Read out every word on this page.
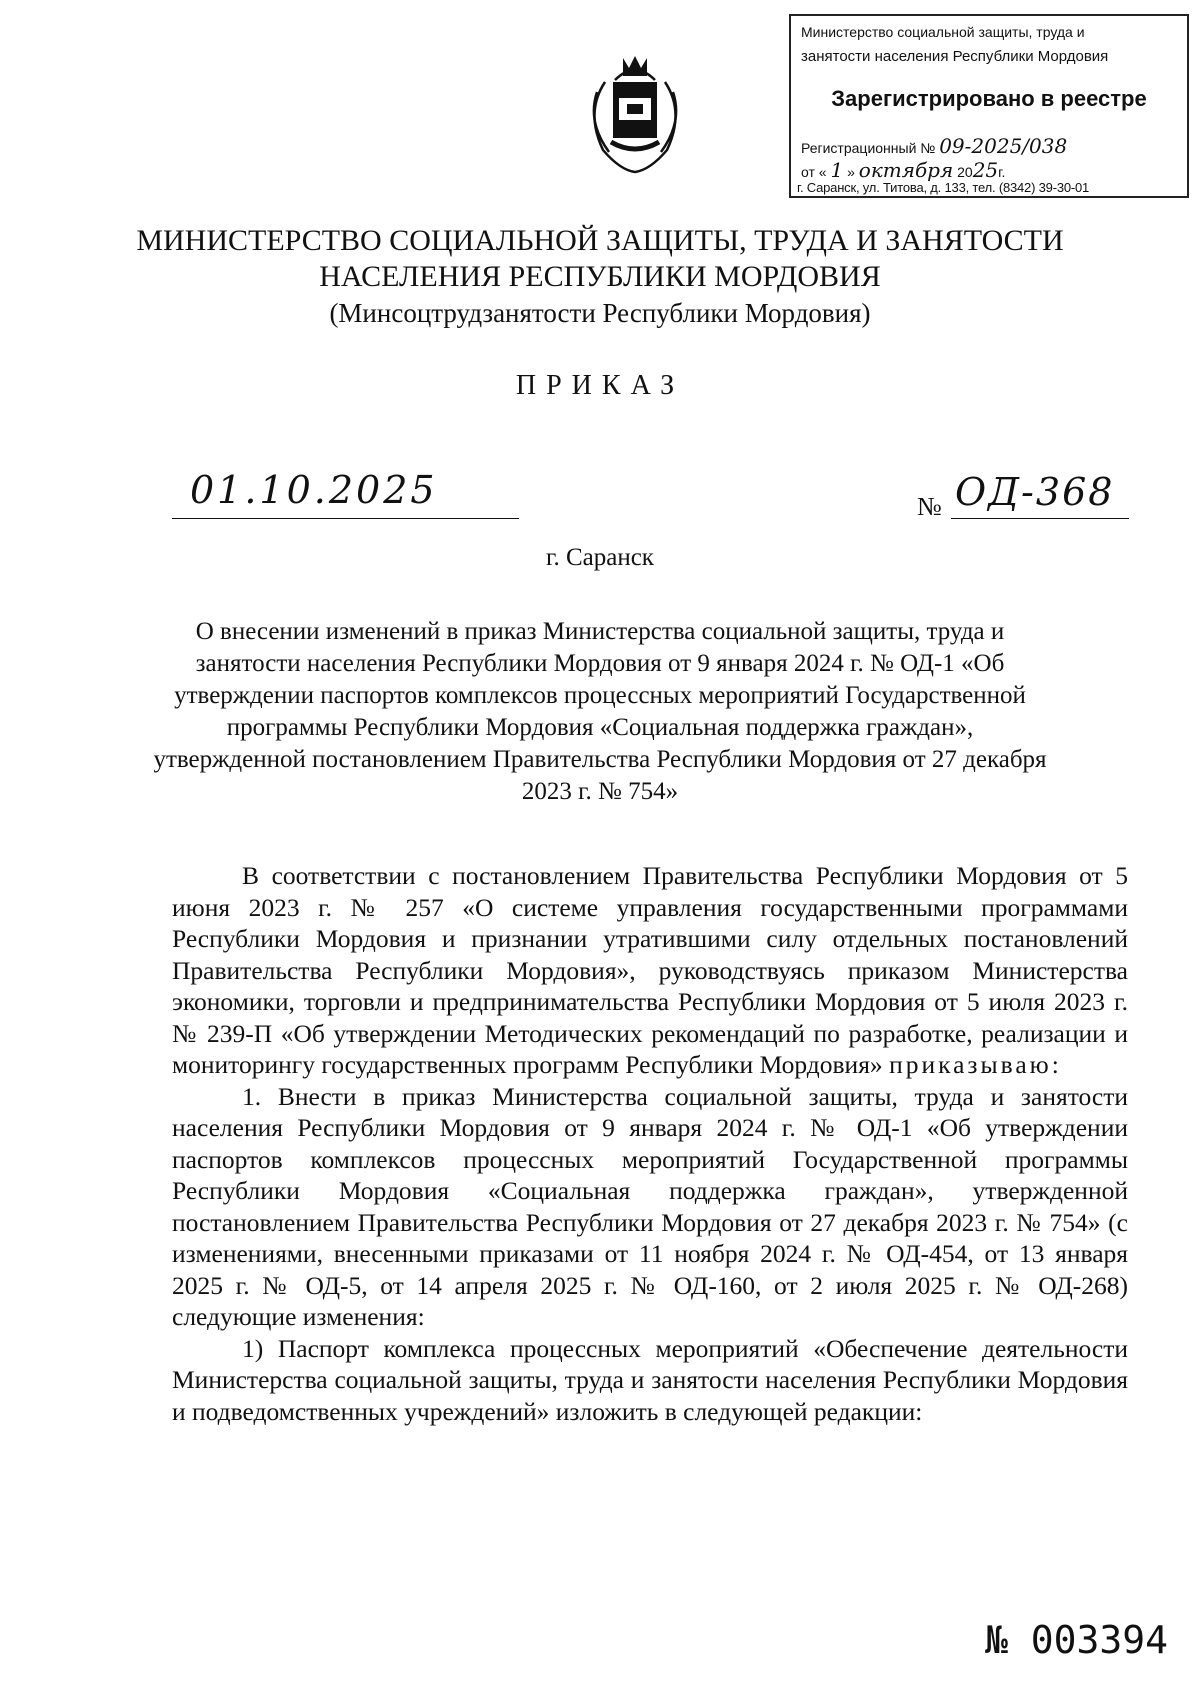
Министерство социальной защиты, труда и
занятости населения Республики Мордовия
Зарегистрировано в реестре
Регистрационный № 09-2025/038
от « 1 » октября 2025г.
г. Саранск, ул. Титова, д. 133, тел. (8342) 39-30-01
МИНИСТЕРСТВО СОЦИАЛЬНОЙ ЗАЩИТЫ, ТРУДА И ЗАНЯТОСТИ
НАСЕЛЕНИЯ РЕСПУБЛИКИ МОРДОВИЯ
(Минсоцтрудзанятости Республики Мордовия)
ПРИКАЗ
01.10.2025	№ ОД-368
г. Саранск
О внесении изменений в приказ Министерства социальной защиты, труда и занятости населения Республики Мордовия от 9 января 2024 г. № ОД-1 «Об утверждении паспортов комплексов процессных мероприятий Государственной программы Республики Мордовия «Социальная поддержка граждан», утвержденной постановлением Правительства Республики Мордовия от 27 декабря 2023 г. № 754»

В соответствии с постановлением Правительства Республики Мордовия от 5 июня 2023 г. № 257 «О системе управления государственными программами Республики Мордовия и признании утратившими силу отдельных постановлений Правительства Республики Мордовия», руководствуясь приказом Министерства экономики, торговли и предпринимательства Республики Мордовия от 5 июля 2023 г. № 239-П «Об утверждении Методических рекомендаций по разработке, реализации и мониторингу государственных программ Республики Мордовия» приказываю:

1. Внести в приказ Министерства социальной защиты, труда и занятости населения Республики Мордовия от 9 января 2024 г. № ОД-1 «Об утверждении паспортов комплексов процессных мероприятий Государственной программы Республики Мордовия «Социальная поддержка граждан», утвержденной постановлением Правительства Республики Мордовия от 27 декабря 2023 г. № 754» (с изменениями, внесенными приказами от 11 ноября 2024 г. № ОД-454, от 13 января 2025 г. № ОД-5, от 14 апреля 2025 г. № ОД-160, от 2 июля 2025 г. № ОД-268) следующие изменения:

1) Паспорт комплекса процессных мероприятий «Обеспечение деятельности Министерства социальной защиты, труда и занятости населения Республики Мордовия и подведомственных учреждений» изложить в следующей редакции:

№ 003394
